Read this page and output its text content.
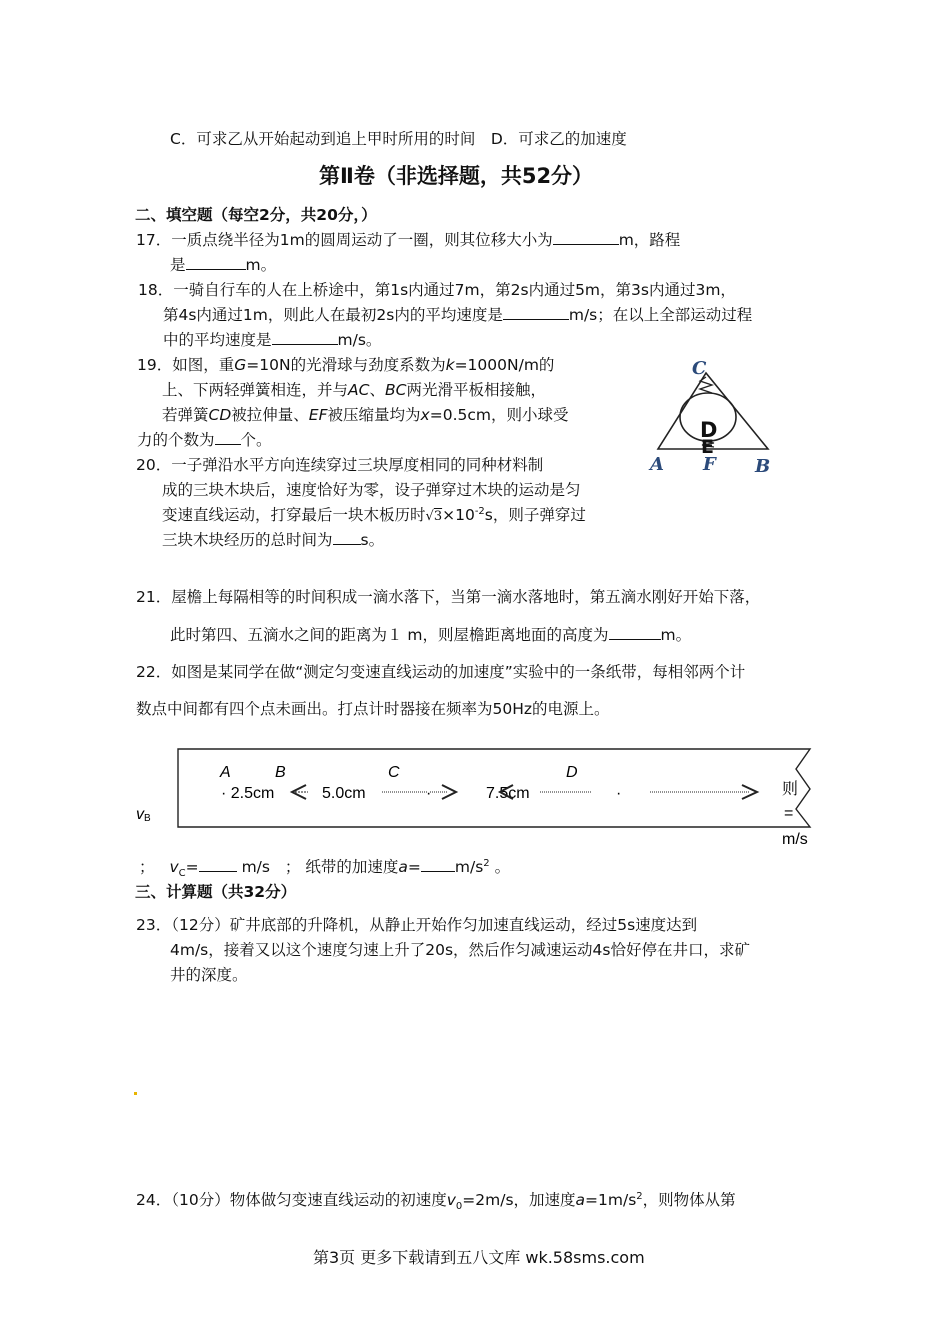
C．可求乙从开始起动到追上甲时所用的时间　D．可求乙的加速度
第Ⅱ卷（非选择题，共52分）
二、填空题（每空2分，共20分，）
17．一质点绕半径为1m的圆周运动了一圈，则其位移大小为	m，路程
是	m。
18．一骑自行车的人在上桥途中，第1s内通过7m，第2s内通过5m，第3s内通过3m，
第4s内通过1m，则此人在最初2s内的平均速度是	m/s；在以上全部运动过程
中的平均速度是	m/s。
19．如图，重G=10N的光滑球与劲度系数为k=1000N/m的
上、下两轻弹簧相连，并与AC、BC两光滑平板相接触，
若弹簧CD被拉伸量、EF被压缩量均为x=0.5cm，则小球受
力的个数为 个。
C
D
E
A F B
20．一子弹沿水平方向连续穿过三块厚度相同的同种材料制
成的三块木块后，速度恰好为零，设子弹穿过木块的运动是匀
变速直线运动，打穿最后一块木板历时$√3\times 10^{-2}s$，则子弹穿过
三块木块经历的总时间为 s。
21．屋檐上每隔相等的时间积成一滴水落下，当第一滴水落地时，第五滴水刚好开始下落，
此时第四、五滴水之间的距离为１ m，则屋檐距离地面的高度为	m。
22．如图是某同学在做“测定匀变速直线运动的加速度”实验中的一条纸带，每相邻两个计
数点中间都有四个点未画出。打点计时器接在频率为50Hz的电源上。
A	B	C	D
· 2.5cm	5.0cm	7.5cm	·
·	则
=
m/s
vB
； $v_C=$	m/s ； 纸带的加速度$a= m/s^2$ 。
三、计算题（共32分）
23．（12分）矿井底部的升降机，从静止开始作匀加速直线运动，经过5s速度达到
4m/s，接着又以这个速度匀速上升了20s，然后作匀减速运动4s恰好停在井口，求矿
井的深度。
24．（10分）物体做匀变速直线运动的初速度$v_0=2m/s$，加速度$a=1m/s^2$，则物体从第
第3页 更多下载请到五八文库 wk.58sms.com
